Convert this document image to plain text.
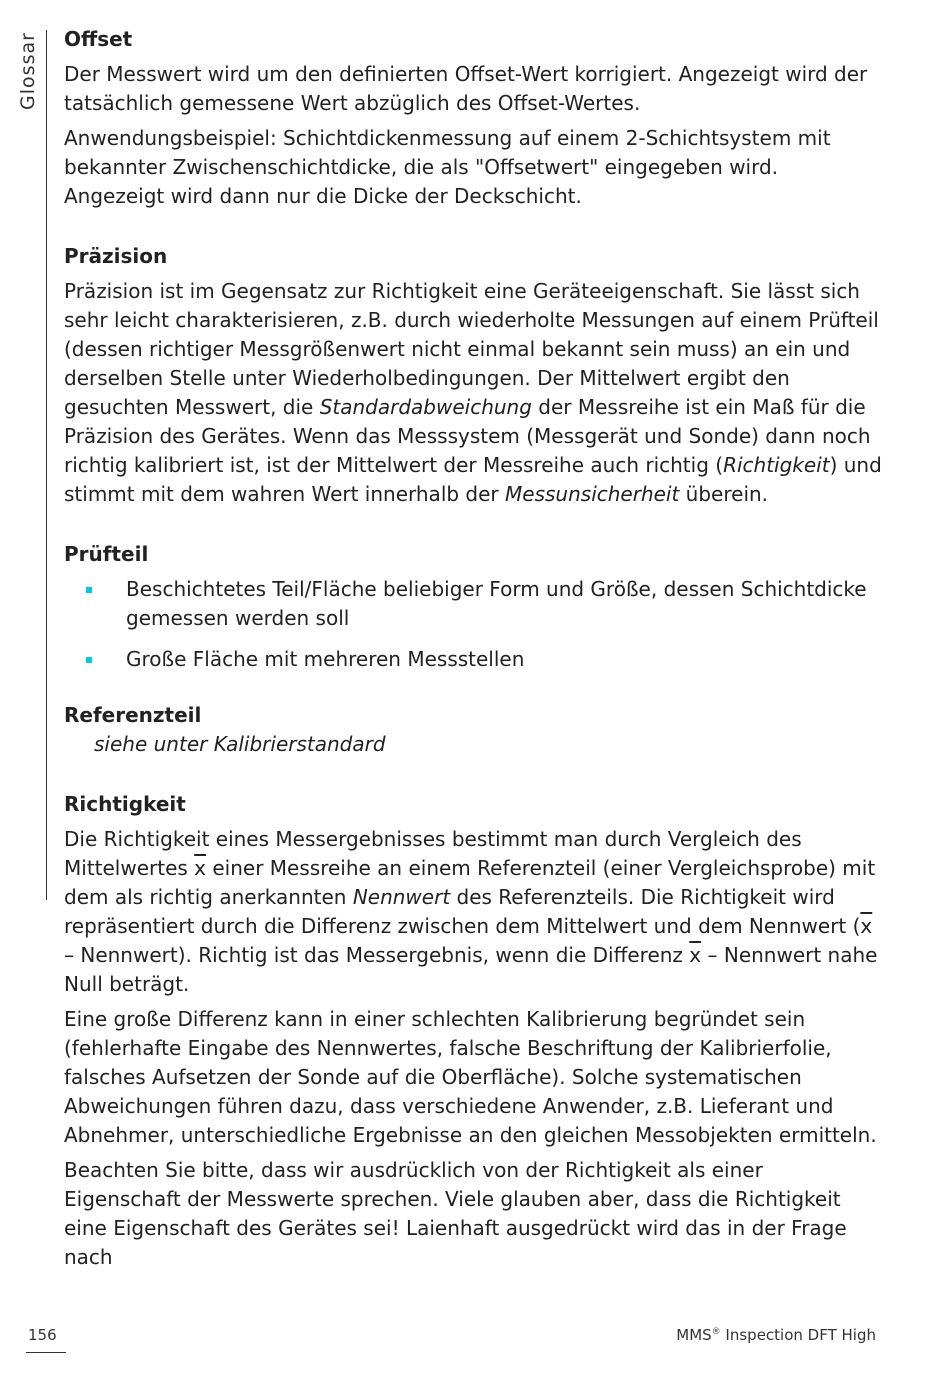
Glossar Offset

Der Messwert wird um den definierten Offset-Wert korrigiert. Angezeigt wird der tatsächlich gemessene Wert abzüglich des Offset-Wertes.

Anwendungsbeispiel: Schichtdickenmessung auf einem 2-Schichtsystem mit bekannter Zwischenschichtdicke, die als "Offsetwert" eingegeben wird. Angezeigt wird dann nur die Dicke der Deckschicht.

Präzision

Präzision ist im Gegensatz zur Richtigkeit eine Geräteeigenschaft. Sie lässt sich sehr leicht charakterisieren, z.B. durch wiederholte Messungen auf einem Prüfteil (dessen richtiger Messgrößenwert nicht einmal bekannt sein muss) an ein und derselben Stelle unter Wiederholbedingungen. Der Mittelwert ergibt den gesuchten Messwert, die Standardabweichung der Messreihe ist ein Maß für die Präzision des Gerätes. Wenn das Messsystem (Messgerät und Sonde) dann noch richtig kalibriert ist, ist der Mittelwert der Messreihe auch richtig (Richtigkeit) und stimmt mit dem wahren Wert innerhalb der Messunsicherheit überein.

Prüfteil
Beschichtetes Teil/Fläche beliebiger Form und Größe, dessen Schichtdicke gemessen werden soll
Große Fläche mit mehreren Messstellen
Referenzteil

siehe unter Kalibrierstandard

Richtigkeit

Die Richtigkeit eines Messergebnisses bestimmt man durch Vergleich des Mittelwertes $\overline{x}$ einer Messreihe an einem Referenzteil (einer Vergleichsprobe) mit dem als richtig anerkannten Nennwert des Referenzteils. Die Richtigkeit wird repräsentiert durch die Differenz zwischen dem Mittelwert und dem Nennwert ($\overline{x}$ – Nennwert). Richtig ist das Messergebnis, wenn die Differenz $\overline{x}$ – Nennwert nahe Null beträgt.

Eine große Differenz kann in einer schlechten Kalibrierung begründet sein (fehlerhafte Eingabe des Nennwertes, falsche Beschriftung der Kalibrierfolie, falsches Aufsetzen der Sonde auf die Oberfläche). Solche systematischen Abweichungen führen dazu, dass verschiedene Anwender, z.B. Lieferant und Abnehmer, unterschiedliche Ergebnisse an den gleichen Messobjekten ermitteln.

Beachten Sie bitte, dass wir ausdrücklich von der Richtigkeit als einer Eigenschaft der Messwerte sprechen. Viele glauben aber, dass die Richtigkeit eine Eigenschaft des Gerätes sei! Laienhaft ausgedrückt wird das in der Frage nach

156	MMS® Inspection DFT High
